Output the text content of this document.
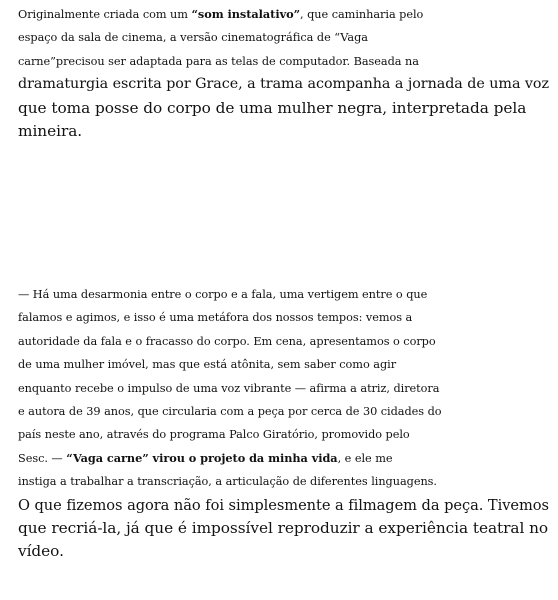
Originalmente criada com um “som instalativo”, que caminharia pelo
espaço da sala de cinema, a versão cinematográfica de “Vaga
carne”precisou ser adaptada para as telas de computador. Baseada na
dramaturgia escrita por Grace, a trama acompanha a jornada de uma voz
que toma posse do corpo de uma mulher negra, interpretada pela
mineira.

— Há uma desarmonia entre o corpo e a fala, uma vertigem entre o que
falamos e agimos, e isso é uma metáfora dos nossos tempos: vemos a
autoridade da fala e o fracasso do corpo. Em cena, apresentamos o corpo
de uma mulher imóvel, mas que está atônita, sem saber como agir
enquanto recebe o impulso de uma voz vibrante — afirma a atriz, diretora
e autora de 39 anos, que circularia com a peça por cerca de 30 cidades do
país neste ano, através do programa Palco Giratório, promovido pelo
Sesc. — “Vaga carne” virou o projeto da minha vida, e ele me
instiga a trabalhar a transcriação, a articulação de diferentes linguagens.
O que fizemos agora não foi simplesmente a filmagem da peça. Tivemos
que recriá-la, já que é impossível reproduzir a experiência teatral no
vídeo.
